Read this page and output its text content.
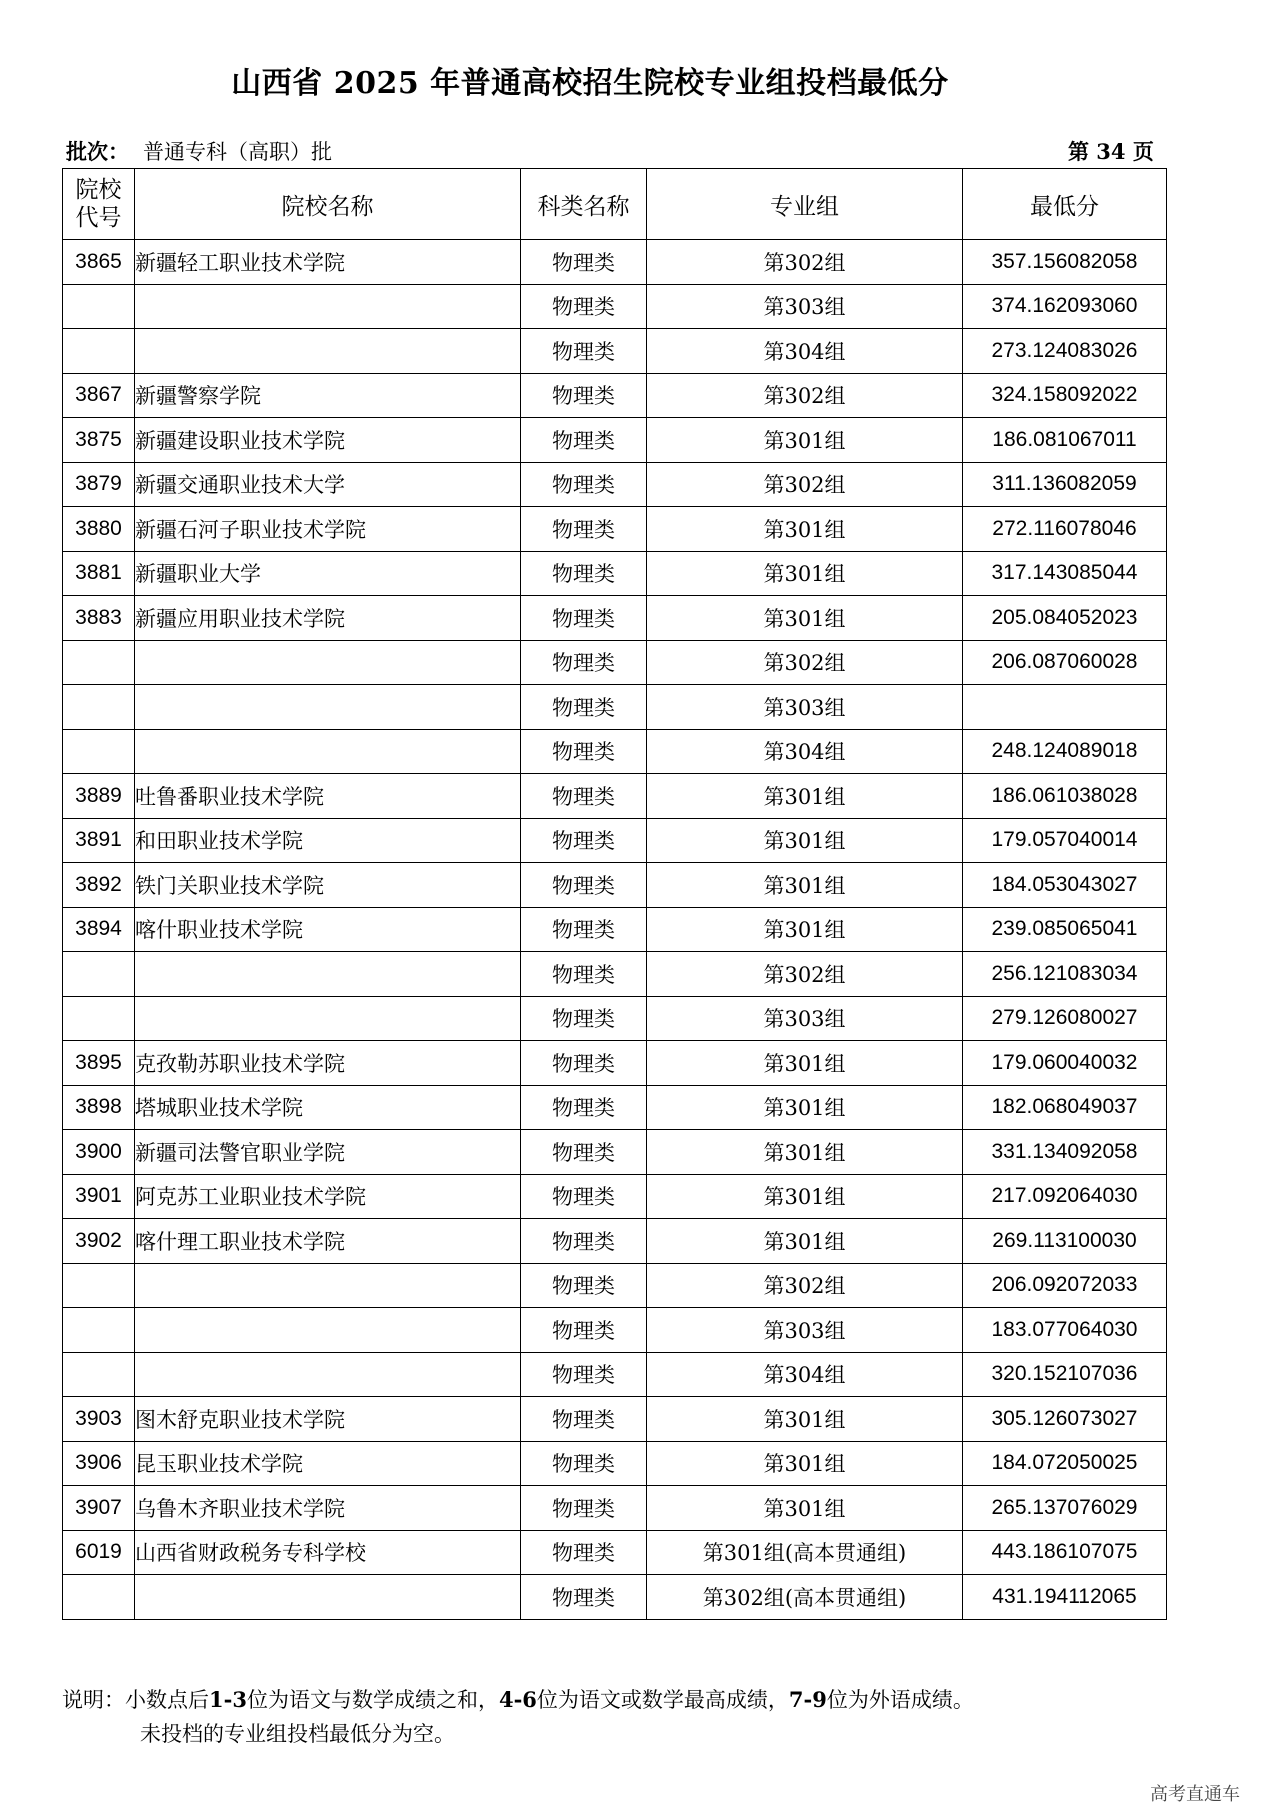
山西省 2025 年普通高校招生院校专业组投档最低分
批次： 普通专科（高职）批	第 34 页
院校
代号	院校名称	科类名称	专业组	最低分
3865	新疆轻工职业技术学院	物理类	第302组	357.156082058
		物理类	第303组	374.162093060
		物理类	第304组	273.124083026
3867	新疆警察学院	物理类	第302组	324.158092022
3875	新疆建设职业技术学院	物理类	第301组	186.081067011
3879	新疆交通职业技术大学	物理类	第302组	311.136082059
3880	新疆石河子职业技术学院	物理类	第301组	272.116078046
3881	新疆职业大学	物理类	第301组	317.143085044
3883	新疆应用职业技术学院	物理类	第301组	205.084052023
		物理类	第302组	206.087060028
		物理类	第303组	
		物理类	第304组	248.124089018
3889	吐鲁番职业技术学院	物理类	第301组	186.061038028
3891	和田职业技术学院	物理类	第301组	179.057040014
3892	铁门关职业技术学院	物理类	第301组	184.053043027
3894	喀什职业技术学院	物理类	第301组	239.085065041
		物理类	第302组	256.121083034
		物理类	第303组	279.126080027
3895	克孜勒苏职业技术学院	物理类	第301组	179.060040032
3898	塔城职业技术学院	物理类	第301组	182.068049037
3900	新疆司法警官职业学院	物理类	第301组	331.134092058
3901	阿克苏工业职业技术学院	物理类	第301组	217.092064030
3902	喀什理工职业技术学院	物理类	第301组	269.113100030
		物理类	第302组	206.092072033
		物理类	第303组	183.077064030
		物理类	第304组	320.152107036
3903	图木舒克职业技术学院	物理类	第301组	305.126073027
3906	昆玉职业技术学院	物理类	第301组	184.072050025
3907	乌鲁木齐职业技术学院	物理类	第301组	265.137076029
6019	山西省财政税务专科学校	物理类	第301组(高本贯通组)	443.186107075
		物理类	第302组(高本贯通组)	431.194112065
说明：小数点后1-3位为语文与数学成绩之和，4-6位为语文或数学最高成绩，7-9位为外语成绩。
未投档的专业组投档最低分为空。
高考直通车
